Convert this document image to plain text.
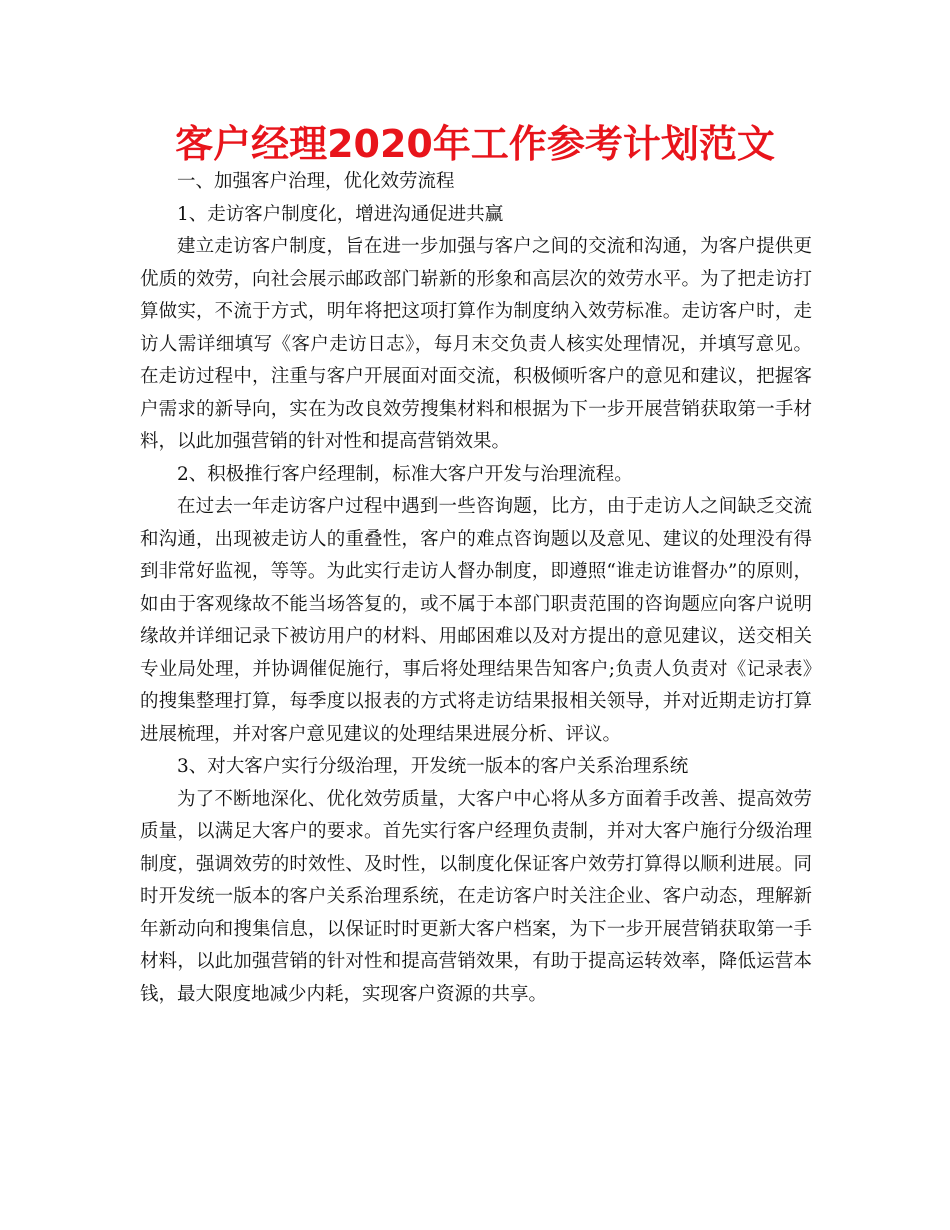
客户经理2020年工作参考计划范文

一、加强客户治理，优化效劳流程

1、走访客户制度化，增进沟通促进共赢

建立走访客户制度，旨在进一步加强与客户之间的交流和沟通，为客户提供更优质的效劳，向社会展示邮政部门崭新的形象和高层次的效劳水平。为了把走访打算做实，不流于方式，明年将把这项打算作为制度纳入效劳标准。走访客户时，走访人需详细填写《客户走访日志》，每月末交负责人核实处理情况，并填写意见。在走访过程中，注重与客户开展面对面交流，积极倾听客户的意见和建议，把握客户需求的新导向，实在为改良效劳搜集材料和根据为下一步开展营销获取第一手材料，以此加强营销的针对性和提高营销效果。

2、积极推行客户经理制，标准大客户开发与治理流程。

在过去一年走访客户过程中遇到一些咨询题，比方，由于走访人之间缺乏交流和沟通，出现被走访人的重叠性，客户的难点咨询题以及意见、建议的处理没有得到非常好监视，等等。为此实行走访人督办制度，即遵照“谁走访谁督办”的原则，如由于客观缘故不能当场答复的，或不属于本部门职责范围的咨询题应向客户说明缘故并详细记录下被访用户的材料、用邮困难以及对方提出的意见建议，送交相关专业局处理，并协调催促施行，事后将处理结果告知客户;负责人负责对《记录表》的搜集整理打算，每季度以报表的方式将走访结果报相关领导，并对近期走访打算进展梳理，并对客户意见建议的处理结果进展分析、评议。

3、对大客户实行分级治理，开发统一版本的客户关系治理系统

为了不断地深化、优化效劳质量，大客户中心将从多方面着手改善、提高效劳质量，以满足大客户的要求。首先实行客户经理负责制，并对大客户施行分级治理制度，强调效劳的时效性、及时性，以制度化保证客户效劳打算得以顺利进展。同时开发统一版本的客户关系治理系统，在走访客户时关注企业、客户动态，理解新年新动向和搜集信息，以保证时时更新大客户档案，为下一步开展营销获取第一手材料，以此加强营销的针对性和提高营销效果，有助于提高运转效率，降低运营本钱，最大限度地减少内耗，实现客户资源的共享。
